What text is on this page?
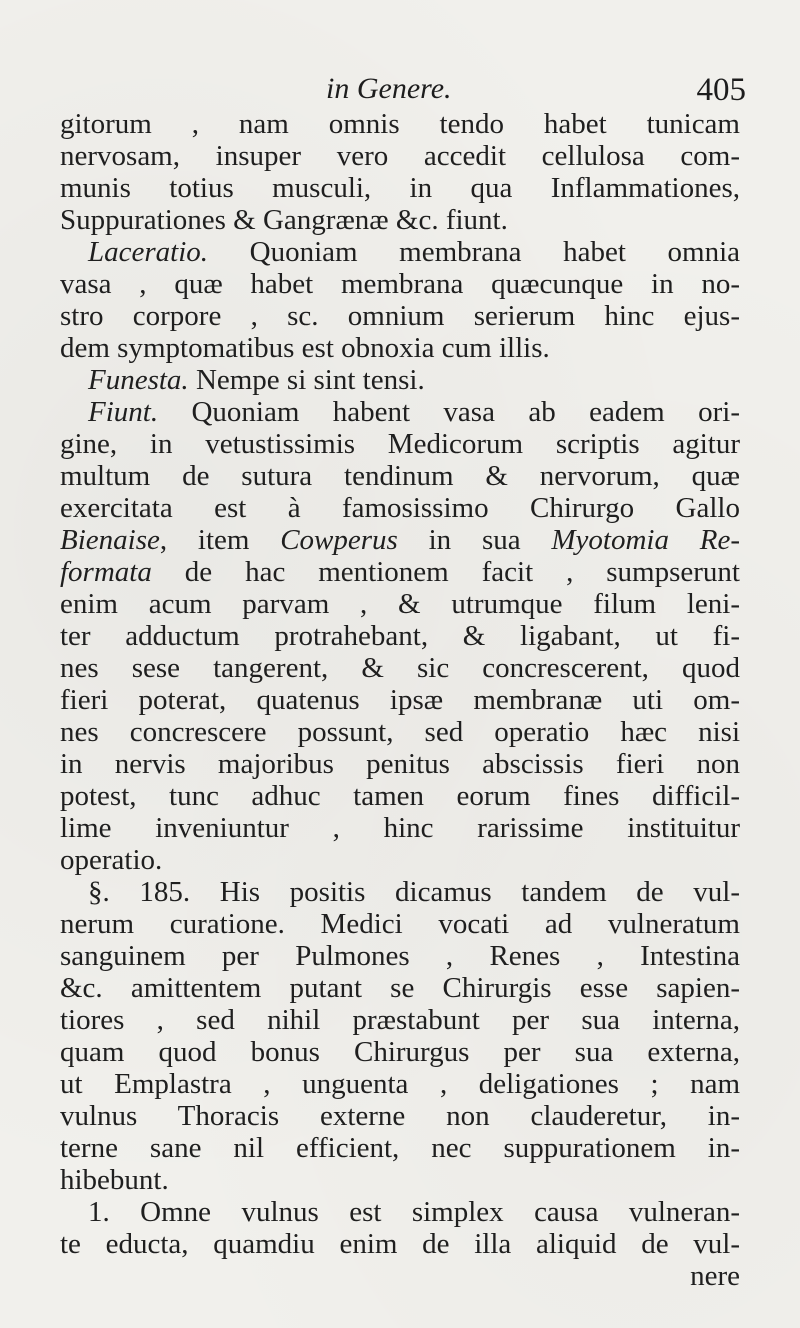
in Genere.	405
gitorum , nam omnis tendo habet tunicam
nervosam, insuper vero accedit cellulosa com-
munis totius musculi, in qua Inflammationes,
Suppurationes & Gangrænæ &c. fiunt.
Laceratio. Quoniam membrana habet omnia
vasa , quæ habet membrana quæcunque in no-
stro corpore , sc. omnium serierum hinc ejus-
dem symptomatibus est obnoxia cum illis.
Funesta. Nempe si sint tensi.
Fiunt. Quoniam habent vasa ab eadem ori-
gine, in vetustissimis Medicorum scriptis agitur
multum de sutura tendinum & nervorum, quæ
exercitata est à famosissimo Chirurgo Gallo
Bienaise, item Cowperus in sua Myotomia Re-
formata de hac mentionem facit , sumpserunt
enim acum parvam , & utrumque filum leni-
ter adductum protrahebant, & ligabant, ut fi-
nes sese tangerent, & sic concrescerent, quod
fieri poterat, quatenus ipsæ membranæ uti om-
nes concrescere possunt, sed operatio hæc nisi
in nervis majoribus penitus abscissis fieri non
potest, tunc adhuc tamen eorum fines difficil-
lime inveniuntur , hinc rarissime instituitur
operatio.
§. 185. His positis dicamus tandem de vul-
nerum curatione. Medici vocati ad vulneratum
sanguinem per Pulmones , Renes , Intestina
&c. amittentem putant se Chirurgis esse sapien-
tiores , sed nihil præstabunt per sua interna,
quam quod bonus Chirurgus per sua externa,
ut Emplastra , unguenta , deligationes ; nam
vulnus Thoracis externe non clauderetur, in-
terne sane nil efficient, nec suppurationem in-
hibebunt.
1. Omne vulnus est simplex causa vulneran-
te educta, quamdiu enim de illa aliquid de vul-
nere
